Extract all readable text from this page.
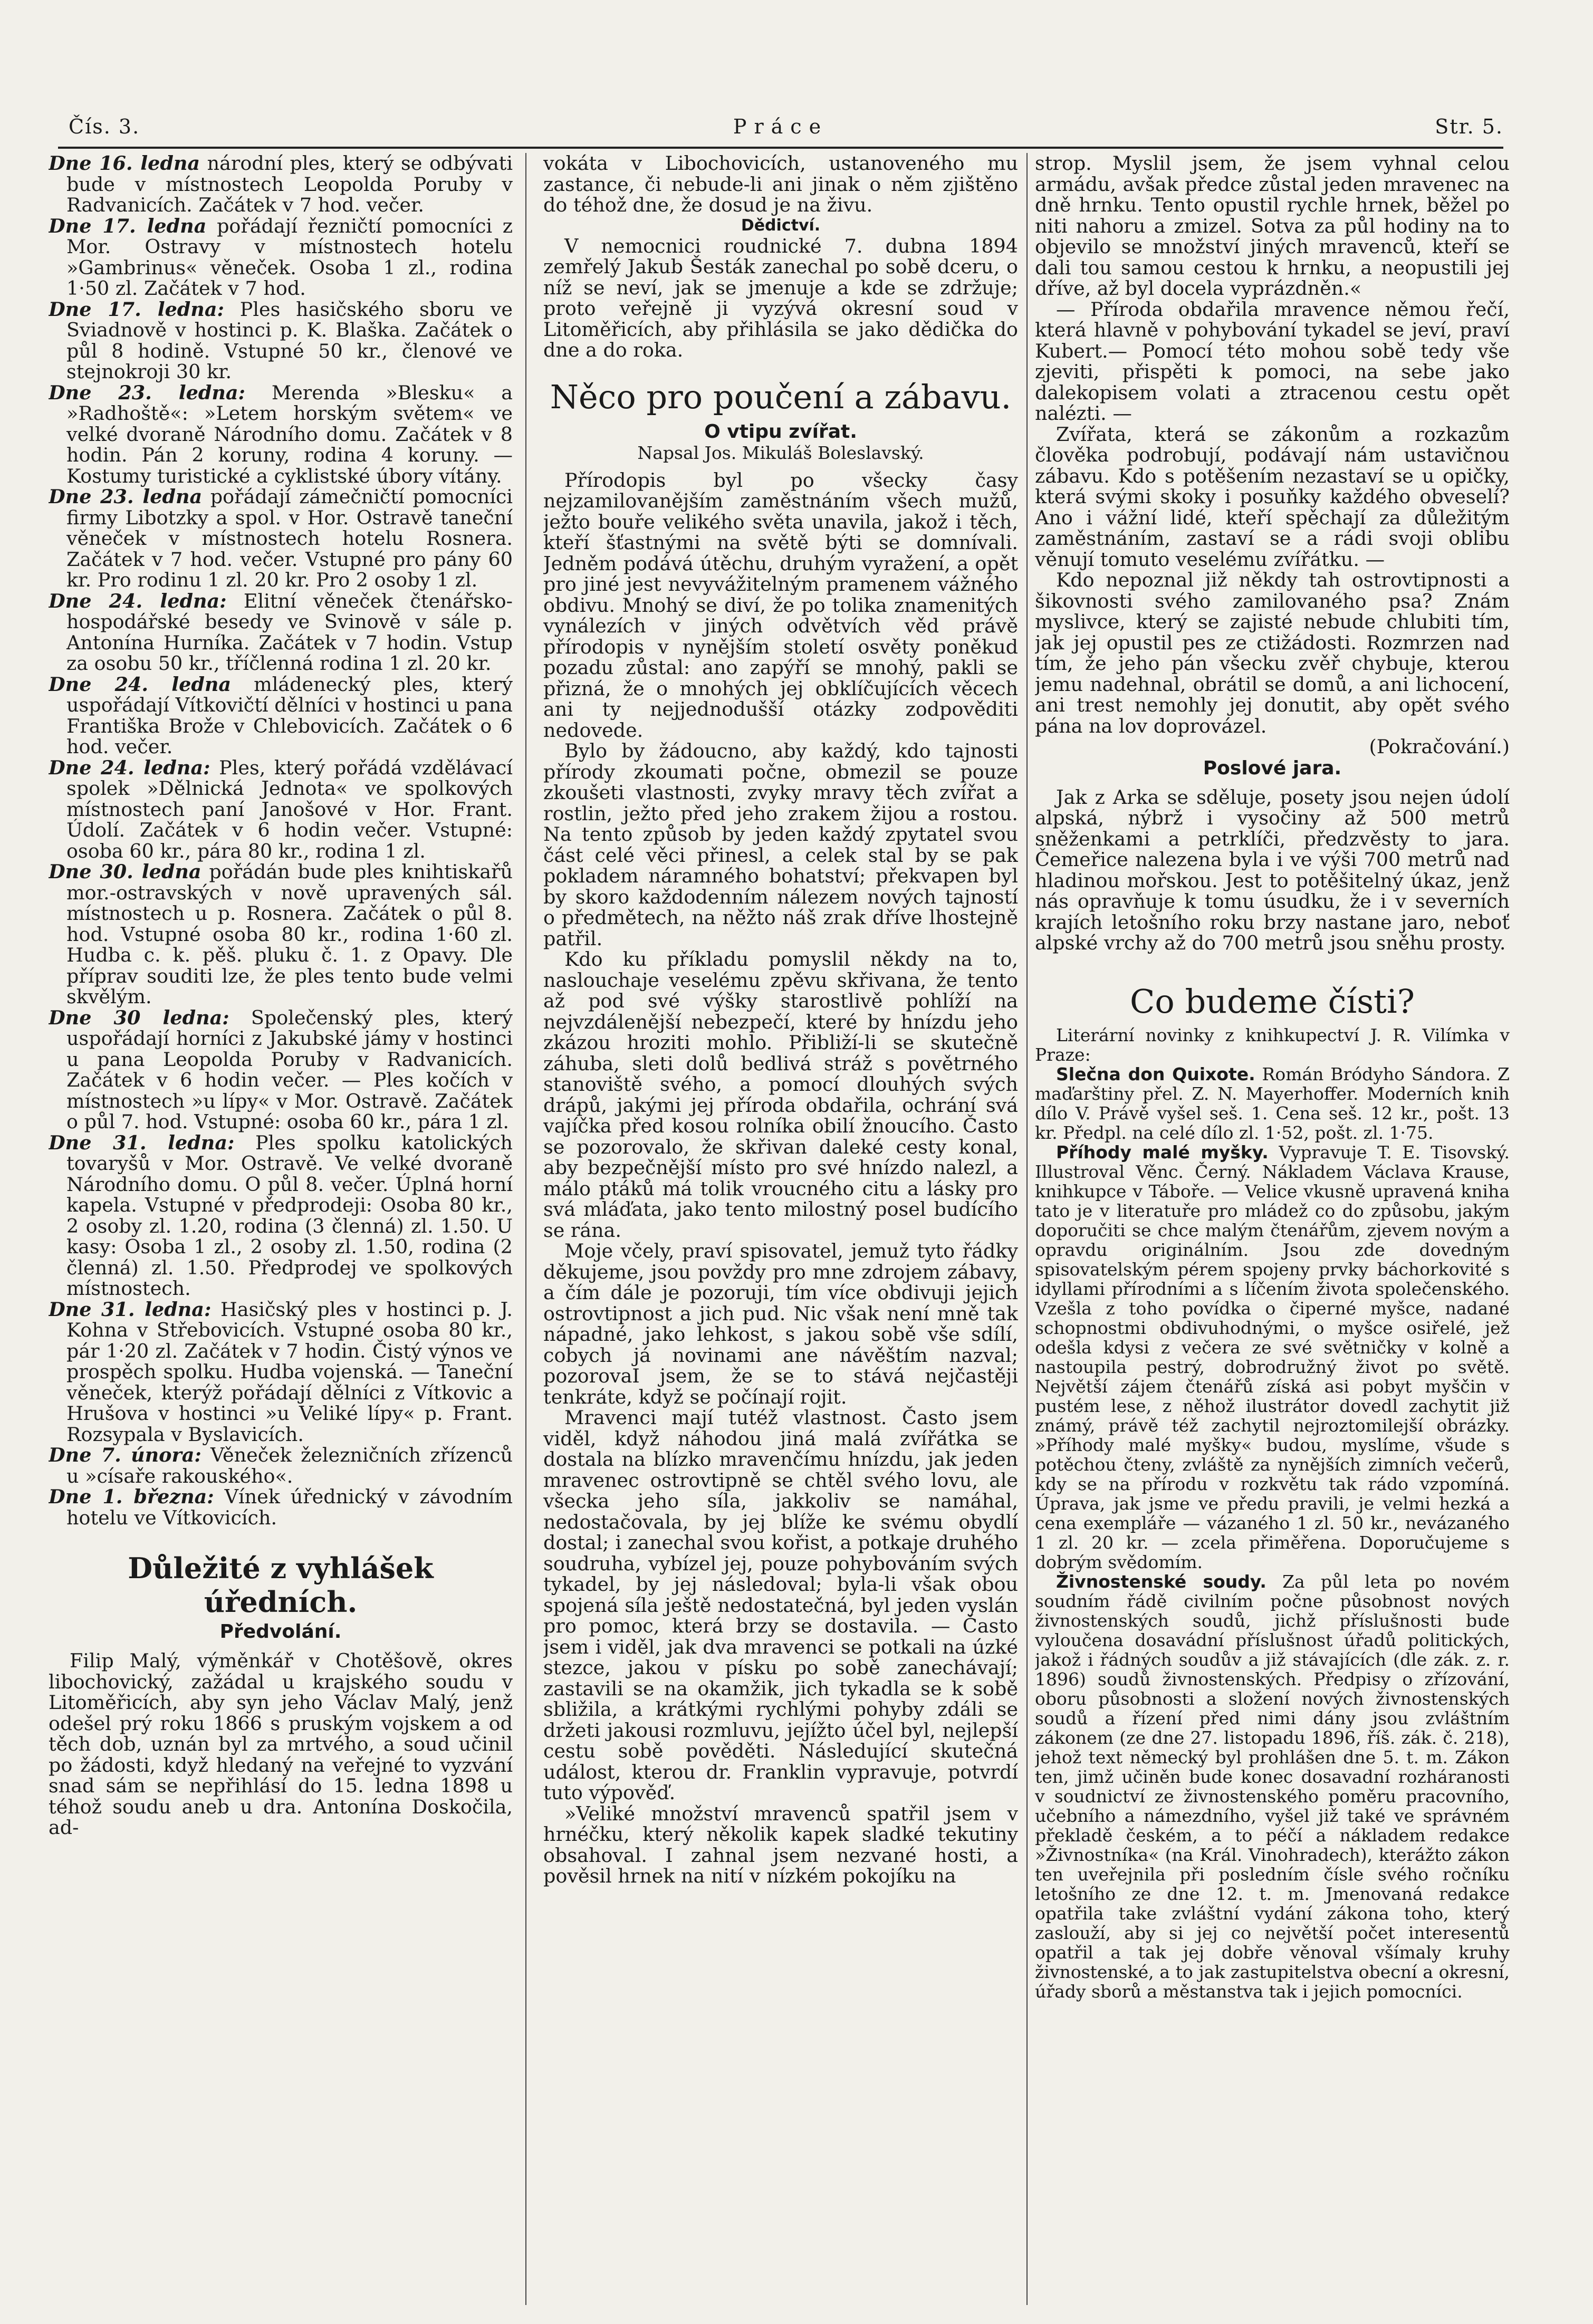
Čís. 3.	Práce	Str. 5.

Dne 16. ledna národní ples, který se odbývati bude v místnostech Leopolda Poruby v Radvanicích. Začátek v 7 hod. večer.

Dne 17. ledna pořádají řezničtí pomocníci z Mor. Ostravy v místnostech hotelu »Gambrinus« věneček. Osoba 1 zl., rodina 1·50 zl. Začátek v 7 hod.

Dne 17. ledna: Ples hasičského sboru ve Sviadnově v hostinci p. K. Blaška. Začátek o půl 8 hodině. Vstupné 50 kr., členové ve stejnokroji 30 kr.

Dne 23. ledna: Merenda »Blesku« a »Radhoště«: »Letem horským světem« ve velké dvoraně Národního domu. Začátek v 8 hodin. Pán 2 koruny, rodina 4 koruny. — Kostumy turistické a cyklistské úbory vítány.

Dne 23. ledna pořádají zámečničtí pomocníci firmy Libotzky a spol. v Hor. Ostravě taneční věneček v místnostech hotelu Rosnera. Začátek v 7 hod. večer. Vstupné pro pány 60 kr. Pro rodinu 1 zl. 20 kr. Pro 2 osoby 1 zl.

Dne 24. ledna: Elitní věneček čtenářsko-hospodářské besedy ve Svinově v sále p. Antonína Hurníka. Začátek v 7 hodin. Vstup za osobu 50 kr., tříčlenná rodina 1 zl. 20 kr.

Dne 24. ledna mládenecký ples, který uspořádají Vítkovičtí dělníci v hostinci u pana Františka Brože v Chlebovicích. Začátek o 6 hod. večer.

Dne 24. ledna: Ples, který pořádá vzdělávací spolek »Dělnická Jednota« ve spolkových místnostech paní Janošové v Hor. Frant. Údolí. Začátek v 6 hodin večer. Vstupné: osoba 60 kr., pára 80 kr., rodina 1 zl.

Dne 30. ledna pořádán bude ples knihtiskařů mor.-ostravských v nově upravených sál. místnostech u p. Rosnera. Začátek o půl 8. hod. Vstupné osoba 80 kr., rodina 1·60 zl. Hudba c. k. pěš. pluku č. 1. z Opavy. Dle příprav souditi lze, že ples tento bude velmi skvělým.

Dne 30 ledna: Společenský ples, který uspořádají horníci z Jakubské jámy v hostinci u pana Leopolda Poruby v Radvanicích. Začátek v 6 hodin večer. — Ples kočích v místnostech »u lípy« v Mor. Ostravě. Začátek o půl 7. hod. Vstupné: osoba 60 kr., pára 1 zl.

Dne 31. ledna: Ples spolku katolických tovaryšů v Mor. Ostravě. Ve velké dvoraně Národního domu. O půl 8. večer. Úplná horní kapela. Vstupné v předprodeji: Osoba 80 kr., 2 osoby zl. 1.20, rodina (3 členná) zl. 1.50. U kasy: Osoba 1 zl., 2 osoby zl. 1.50, rodina (2 členná) zl. 1.50. Předprodej ve spolkových místnostech.

Dne 31. ledna: Hasičský ples v hostinci p. J. Kohna v Střebovicích. Vstupné osoba 80 kr., pár 1·20 zl. Začátek v 7 hodin. Čistý výnos ve prospěch spolku. Hudba vojenská. — Taneční věneček, kterýž pořádají dělníci z Vítkovic a Hrušova v hostinci »u Veliké lípy« p. Frant. Rozsypala v Byslavicích.

Dne 7. února: Věneček železničních zřízenců u »císaře rakouského«.

Dne 1. března: Vínek úřednický v závodním hotelu ve Vítkovicích.

Důležité z vyhlášek úředních.
Předvolání.

Filip Malý, výměnkář v Chotěšově, okres libochovický, zažádal u krajského soudu v Litoměřicích, aby syn jeho Václav Malý, jenž odešel prý roku 1866 s pruským vojskem a od těch dob, uznán byl za mrtvého, a soud učinil po žádosti, když hledaný na veřejné to vyzvání snad sám se nepřihlásí do 15. ledna 1898 u téhož soudu aneb u dra. Antonína Doskočila, ad-

vokáta v Libochovicích, ustanoveného mu zastance, či nebude-li ani jinak o něm zjištěno do téhož dne, že dosud je na živu.

Dědictví.

V nemocnici roudnické 7. dubna 1894 zemřelý Jakub Šesták zanechal po sobě dceru, o níž se neví, jak se jmenuje a kde se zdržuje; proto veřejně ji vyzývá okresní soud v Litoměřicích, aby přihlásila se jako dědička do dne a do roka.

Něco pro poučení a zábavu.
O vtipu zvířat.
Napsal Jos. Mikuláš Boleslavský.

Přírodopis byl po všecky časy nejzamilovanějším zaměstnáním všech mužů, ježto bouře velikého světa unavila, jakož i těch, kteří šťastnými na světě býti se domnívali. Jedněm podává útěchu, druhým vyražení, a opět pro jiné jest nevyvážitelným pramenem vážného obdivu. Mnohý se diví, že po tolika znamenitých vynálezích v jiných odvětvích věd právě přírodopis v nynějším století osvěty poněkud pozadu zůstal: ano zapýří se mnohý, pakli se přizná, že o mnohých jej obklíčujících věcech ani ty nejjednodušší otázky zodpověditi nedovede.

Bylo by žádoucno, aby každý, kdo tajnosti přírody zkoumati počne, obmezil se pouze zkoušeti vlastnosti, zvyky mravy těch zvířat a rostlin, ježto před jeho zrakem žijou a rostou. Na tento způsob by jeden každý zpytatel svou část celé věci přinesl, a celek stal by se pak pokladem náramného bohatství; překvapen byl by skoro každodenním nálezem nových tajností o předmětech, na něžto náš zrak dříve lhostejně patřil.

Kdo ku příkladu pomyslil někdy na to, naslouchaje veselému zpěvu skřivana, že tento až pod své výšky starostlivě pohlíží na nejvzdálenější nebezpečí, které by hnízdu jeho zkázou hroziti mohlo. Přibliží-li se skutečně záhuba, sleti dolů bedlivá stráž s povětrného stanoviště svého, a pomocí dlouhých svých drápů, jakými jej příroda obdařila, ochrání svá vajíčka před kosou rolníka obilí žnoucího. Často se pozorovalo, že skřivan daleké cesty konal, aby bezpečnější místo pro své hnízdo nalezl, a málo ptáků má tolik vroucného citu a lásky pro svá mláďata, jako tento milostný posel budícího se rána.

Moje včely, praví spisovatel, jemuž tyto řádky děkujeme, jsou povždy pro mne zdrojem zábavy, a čím dále je pozoruji, tím více obdivuji jejich ostrovtipnost a jich pud. Nic však není mně tak nápadné, jako lehkost, s jakou sobě vše sdílí, cobych já novinami ane návěštím nazval; pozorovaI jsem, že se to stává nejčastěji tenkráte, když se počínají rojit.

Mravenci mají tutéž vlastnost. Často jsem viděl, když náhodou jiná malá zvířátka se dostala na blízko mravenčímu hnízdu, jak jeden mravenec ostrovtipně se chtěl svého lovu, ale všecka jeho síla, jakkoliv se namáhal, nedostačovala, by jej blíže ke svému obydlí dostal; i zanechal svou kořist, a potkaje druhého soudruha, vybízel jej, pouze pohybováním svých tykadel, by jej následoval; byla-li však obou spojená síla ještě nedostatečná, byl jeden vyslán pro pomoc, která brzy se dostavila. — Často jsem i viděl, jak dva mravenci se potkali na úzké stezce, jakou v písku po sobě zanechávají; zastavili se na okamžik, jich tykadla se k sobě sbližila, a krátkými rychlými pohyby zdáli se držeti jakousi rozmluvu, jejížto účel byl, nejlepší cestu sobě pověděti. Následující skutečná událost, kterou dr. Franklin vypravuje, potvrdí tuto výpověď.

»Veliké množství mravenců spatřil jsem v hrnéčku, který několik kapek sladké tekutiny obsahoval. I zahnal jsem nezvané hosti, a pověsil hrnek na nití v nízkém pokojíku na

strop. Myslil jsem, že jsem vyhnal celou armádu, avšak předce zůstal jeden mravenec na dně hrnku. Tento opustil rychle hrnek, běžel po niti nahoru a zmizel. Sotva za půl hodiny na to objevilo se množství jiných mravenců, kteří se dali tou samou cestou k hrnku, a neopustili jej dříve, až byl docela vyprázdněn.«

— Příroda obdařila mravence němou řečí, která hlavně v pohybování tykadel se jeví, praví Kubert.— Pomocí této mohou sobě tedy vše zjeviti, přispěti k pomoci, na sebe jako dalekopisem volati a ztracenou cestu opět nalézti. —

Zvířata, která se zákonům a rozkazům člověka podrobují, podávají nám ustavičnou zábavu. Kdo s potěšením nezastaví se u opičky, která svými skoky i posuňky každého obveselí? Ano i vážní lidé, kteří spěchají za důležitým zaměstnáním, zastaví se a rádi svoji oblibu věnují tomuto veselému zvířátku. —

Kdo nepoznal již někdy tah ostrovtipnosti a šikovnosti svého zamilovaného psa? Znám myslivce, který se zajisté nebude chlubiti tím, jak jej opustil pes ze ctižádosti. Rozmrzen nad tím, že jeho pán všecku zvěř chybuje, kterou jemu nadehnal, obrátil se domů, a ani lichocení, ani trest nemohly jej donutit, aby opět svého pána na lov doprovázel.

(Pokračování.)
Poslové jara.

Jak z Arka se sděluje, posety jsou nejen údolí alpská, nýbrž i vysočiny až 500 metrů sněženkami a petrklíči, předzvěsty to jara. Čemeřice nalezena byla i ve výši 700 metrů nad hladinou mořskou. Jest to potěšitelný úkaz, jenž nás opravňuje k tomu úsudku, že i v severních krajích letošního roku brzy nastane jaro, neboť alpské vrchy až do 700 metrů jsou sněhu prosty.

Co budeme čísti?

Literární novinky z knihkupectví J. R. Vilímka v Praze:

Slečna don Quixote. Román Bródyho Sándora. Z maďarštiny přel. Z. N. Mayerhoffer. Moderních knih dílo V. Právě vyšel seš. 1. Cena seš. 12 kr., pošt. 13 kr. Předpl. na celé dílo zl. 1·52, pošt. zl. 1·75.

Příhody malé myšky. Vypravuje T. E. Tisovský. Illustroval Věnc. Černý. Nákladem Václava Krause, knihkupce v Táboře. — Velice vkusně upravená kniha tato je v literatuře pro mládež co do způsobu, jakým doporučiti se chce malým čtenářům, zjevem novým a opravdu originálním. Jsou zde dovedným spisovatelským pérem spojeny prvky báchorkovité s idyllami přírodními a s líčením života společenského. Vzešla z toho povídka o čiperné myšce, nadané schopnostmi obdivuhodnými, o myšce osiřelé, jež odešla kdysi z večera ze své světničky v kolně a nastoupila pestrý, dobrodružný život po světě. Největší zájem čtenářů získá asi pobyt myščin v pustém lese, z něhož ilustrátor dovedl zachytit již známý, právě též zachytil nejroztomilejší obrázky. »Příhody malé myšky« budou, myslíme, všude s potěchou čteny, zvláště za nynějších zimních večerů, kdy se na přírodu v rozkvětu tak rádo vzpomíná. Úprava, jak jsme ve předu pravili, je velmi hezká a cena exempláře — vázaného 1 zl. 50 kr., nevázaného 1 zl. 20 kr. — zcela přiměřena. Doporučujeme s dobrým svědomím.

Živnostenské soudy. Za půl leta po novém soudním řádě civilním počne působnost nových živnostenských soudů, jichž příslušnosti bude vyloučena dosavádní příslušnost úřadů politických, jakož i řádných soudův a již stávajících (dle zák. z. r. 1896) soudů živnostenských. Předpisy o zřízování, oboru působnosti a složení nových živnostenských soudů a řízení před nimi dány jsou zvláštním zákonem (ze dne 27. listopadu 1896, říš. zák. č. 218), jehož text německý byl prohlášen dne 5. t. m. Zákon ten, jimž učiněn bude konec dosavadní rozháranosti v soudnictví ze živnostenského poměru pracovního, učebního a námezdního, vyšel již také ve správném překladě českém, a to péčí a nákladem redakce »Živnostníka« (na Král. Vinohradech), kterážto zákon ten uveřejnila při posledním čísle svého ročníku letošního ze dne 12. t. m. Jmenovaná redakce opatřila take zvláštní vydání zákona toho, který zaslouží, aby si jej co největší počet interesentů opatřil a tak jej dobře věnoval všímaly kruhy živnostenské, a to jak zastupitelstva obecní a okresní, úřady sborů a městanstva tak i jejich pomocníci.
